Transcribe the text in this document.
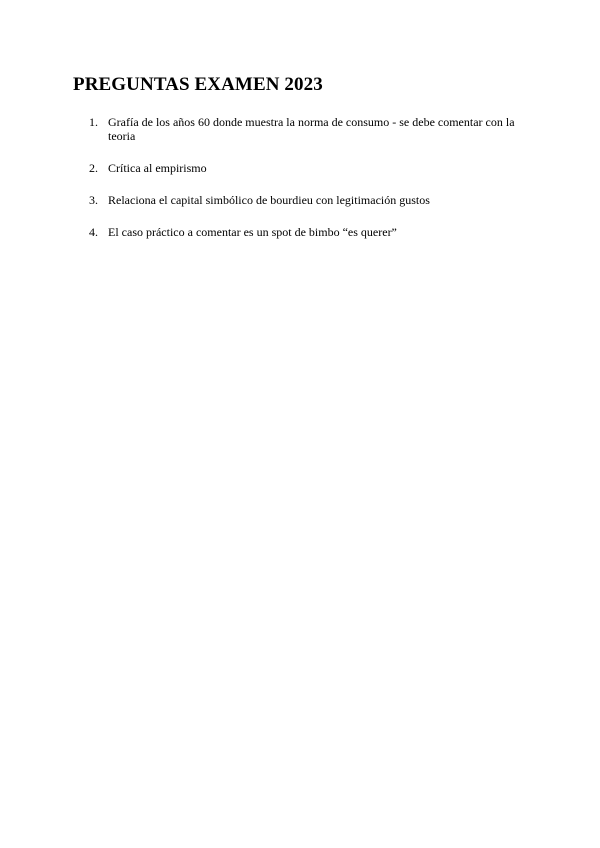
PREGUNTAS EXAMEN 2023
1. Grafía de los años 60 donde muestra la norma de consumo - se debe comentar con la teoria
2. Crítica al empirismo
3. Relaciona el capital simbólico de bourdieu con legitimación gustos
4. El caso práctico a comentar es un spot de bimbo “es querer”
